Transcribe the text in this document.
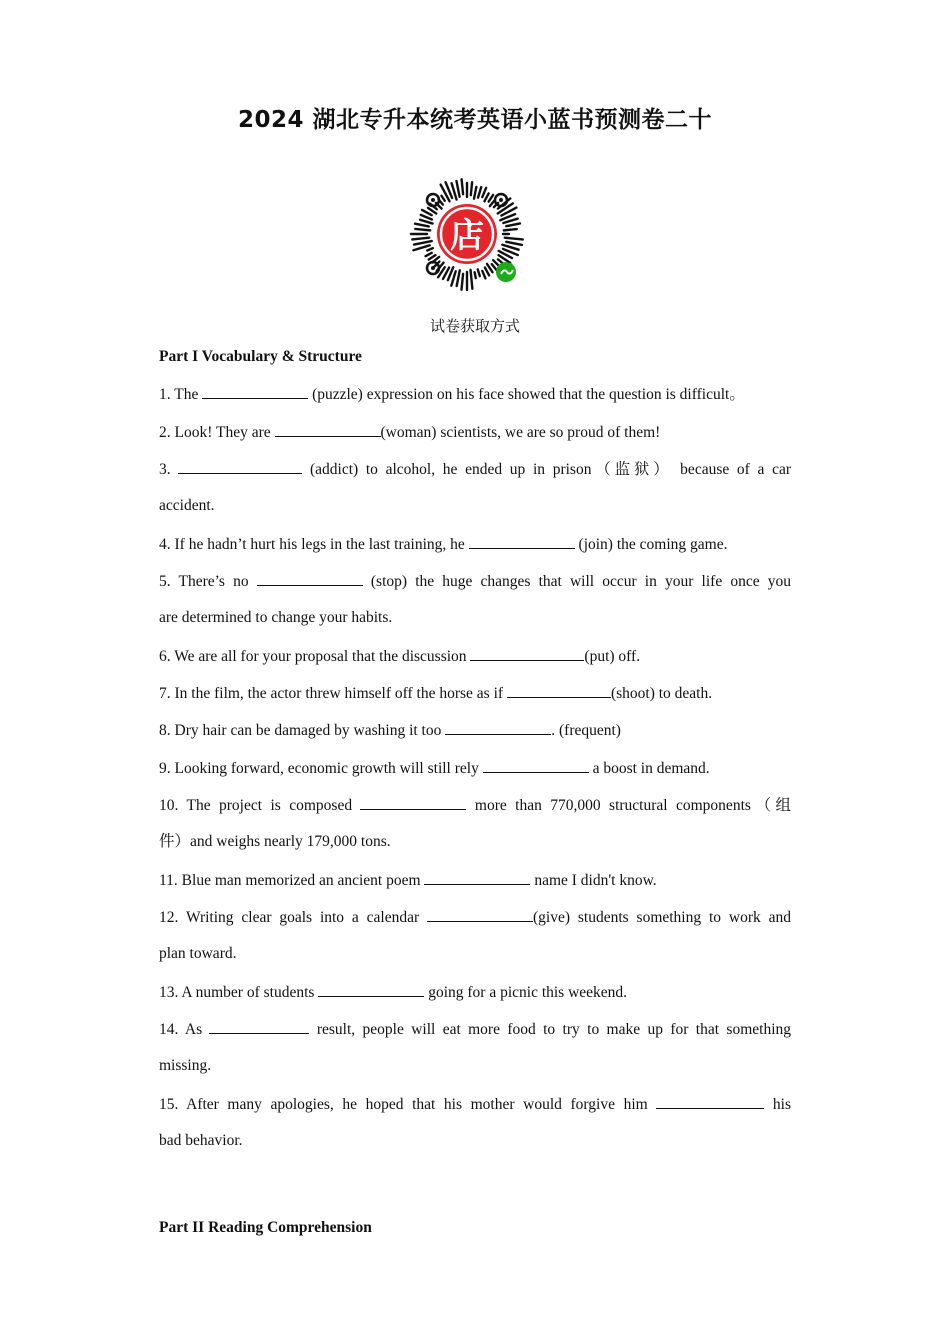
2024 湖北专升本统考英语小蓝书预测卷二十
店
试卷获取方式
Part I Vocabulary & Structure
1. The	(puzzle) expression on his face showed that the question is difficult。
2. Look! They are	(woman) scientists, we are so proud of them!
3.	(addict) to alcohol, he ended up in prison（监狱） because of a car
accident.
4. If he hadn’t hurt his legs in the last training, he	(join) the coming game.
5. There’s no	(stop) the huge changes that will occur in your life once you
are determined to change your habits.
6. We are all for your proposal that the discussion	(put) off.
7. In the film, the actor threw himself off the horse as if	(shoot) to death.
8. Dry hair can be damaged by washing it too	. (frequent)
9. Looking forward, economic growth will still rely	a boost in demand.
10. The project is composed	more than 770,000 structural components（组
件）and weighs nearly 179,000 tons.
11. Blue man memorized an ancient poem	name I didn't know.
12. Writing clear goals into a calendar	(give) students something to work and
plan toward.
13. A number of students	going for a picnic this weekend.
14. As	result, people will eat more food to try to make up for that something
missing.
15. After many apologies, he hoped that his mother would forgive him	his
bad behavior.
Part II Reading Comprehension
